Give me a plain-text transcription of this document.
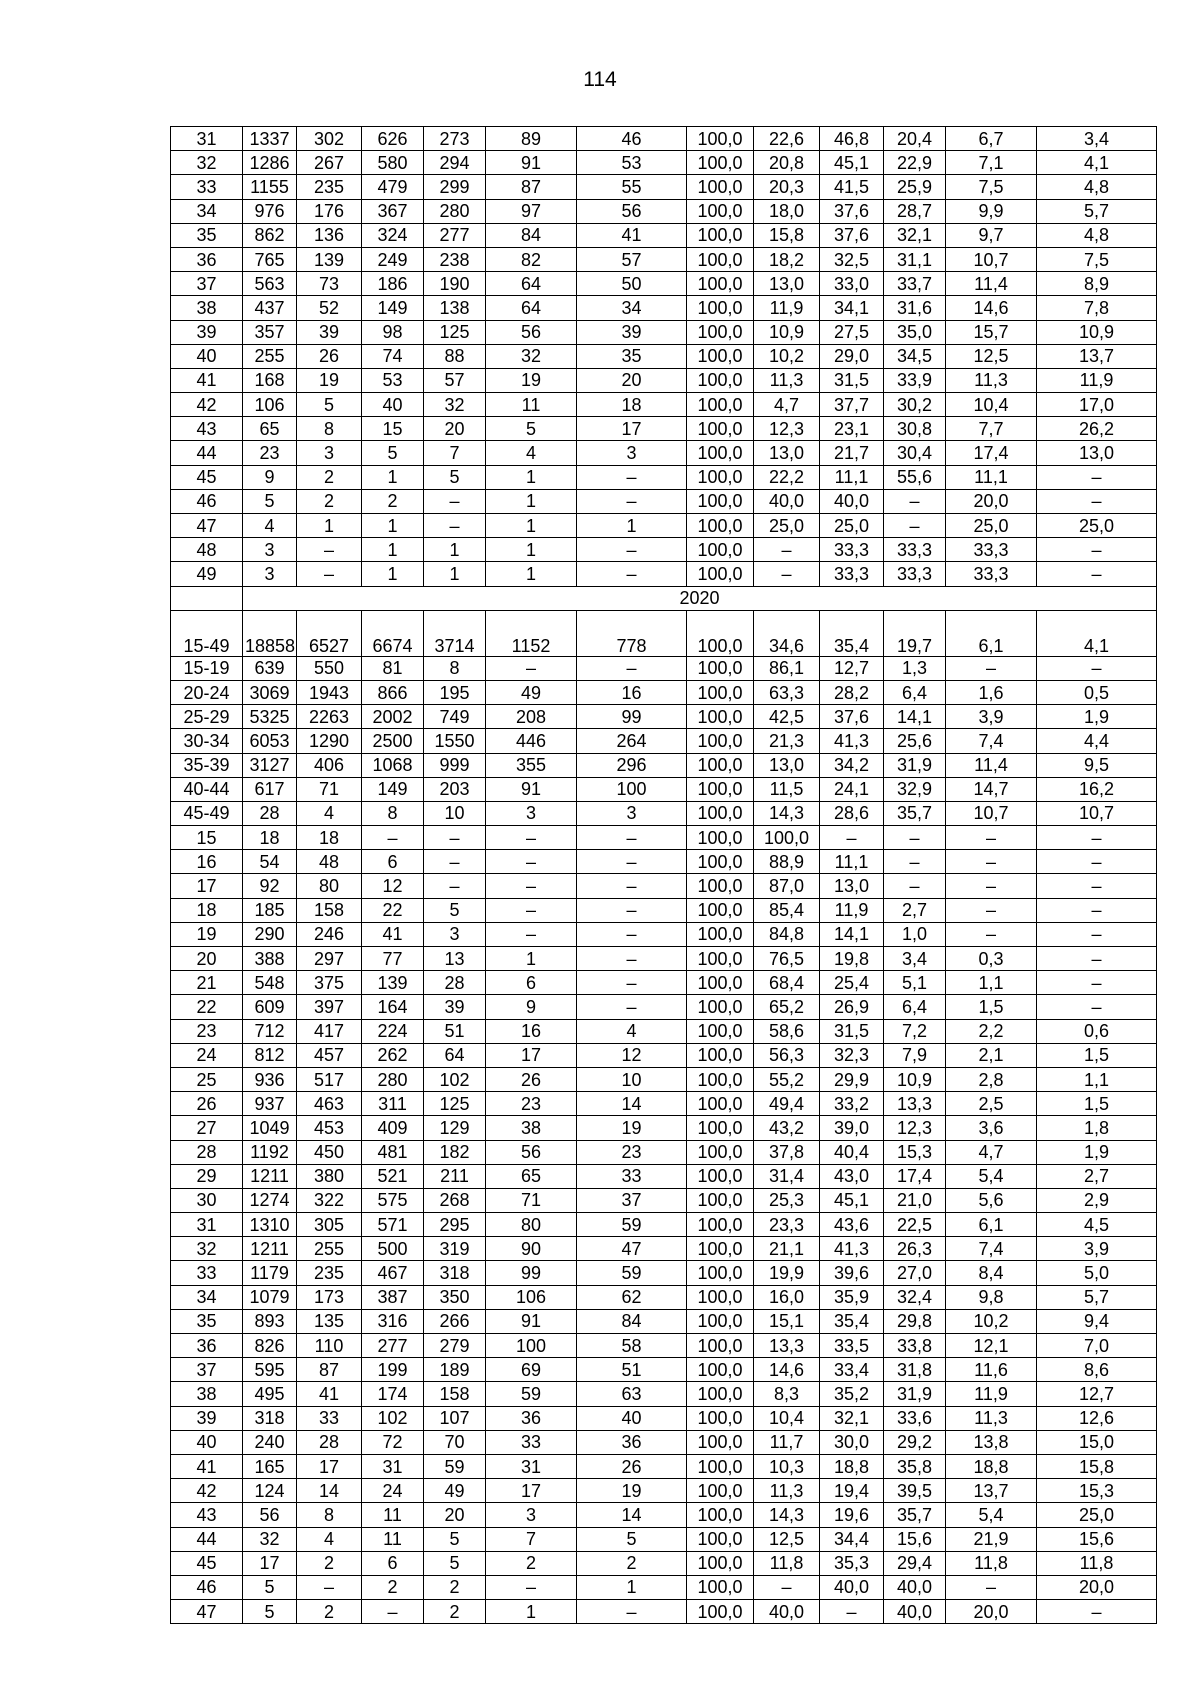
114
31	1337	302	626	273	89	46	100,0	22,6	46,8	20,4	6,7	3,4
32	1286	267	580	294	91	53	100,0	20,8	45,1	22,9	7,1	4,1
33	1155	235	479	299	87	55	100,0	20,3	41,5	25,9	7,5	4,8
34	976	176	367	280	97	56	100,0	18,0	37,6	28,7	9,9	5,7
35	862	136	324	277	84	41	100,0	15,8	37,6	32,1	9,7	4,8
36	765	139	249	238	82	57	100,0	18,2	32,5	31,1	10,7	7,5
37	563	73	186	190	64	50	100,0	13,0	33,0	33,7	11,4	8,9
38	437	52	149	138	64	34	100,0	11,9	34,1	31,6	14,6	7,8
39	357	39	98	125	56	39	100,0	10,9	27,5	35,0	15,7	10,9
40	255	26	74	88	32	35	100,0	10,2	29,0	34,5	12,5	13,7
41	168	19	53	57	19	20	100,0	11,3	31,5	33,9	11,3	11,9
42	106	5	40	32	11	18	100,0	4,7	37,7	30,2	10,4	17,0
43	65	8	15	20	5	17	100,0	12,3	23,1	30,8	7,7	26,2
44	23	3	5	7	4	3	100,0	13,0	21,7	30,4	17,4	13,0
45	9	2	1	5	1	–	100,0	22,2	11,1	55,6	11,1	–
46	5	2	2	–	1	–	100,0	40,0	40,0	–	20,0	–
47	4	1	1	–	1	1	100,0	25,0	25,0	–	25,0	25,0
48	3	–	1	1	1	–	100,0	–	33,3	33,3	33,3	–
49	3	–	1	1	1	–	100,0	–	33,3	33,3	33,3	–
	2020											
15-49	18858	6527	6674	3714	1152	778	100,0	34,6	35,4	19,7	6,1	4,1
15-19	639	550	81	8	–	–	100,0	86,1	12,7	1,3	–	–
20-24	3069	1943	866	195	49	16	100,0	63,3	28,2	6,4	1,6	0,5
25-29	5325	2263	2002	749	208	99	100,0	42,5	37,6	14,1	3,9	1,9
30-34	6053	1290	2500	1550	446	264	100,0	21,3	41,3	25,6	7,4	4,4
35-39	3127	406	1068	999	355	296	100,0	13,0	34,2	31,9	11,4	9,5
40-44	617	71	149	203	91	100	100,0	11,5	24,1	32,9	14,7	16,2
45-49	28	4	8	10	3	3	100,0	14,3	28,6	35,7	10,7	10,7
15	18	18	–	–	–	–	100,0	100,0	–	–	–	–
16	54	48	6	–	–	–	100,0	88,9	11,1	–	–	–
17	92	80	12	–	–	–	100,0	87,0	13,0	–	–	–
18	185	158	22	5	–	–	100,0	85,4	11,9	2,7	–	–
19	290	246	41	3	–	–	100,0	84,8	14,1	1,0	–	–
20	388	297	77	13	1	–	100,0	76,5	19,8	3,4	0,3	–
21	548	375	139	28	6	–	100,0	68,4	25,4	5,1	1,1	–
22	609	397	164	39	9	–	100,0	65,2	26,9	6,4	1,5	–
23	712	417	224	51	16	4	100,0	58,6	31,5	7,2	2,2	0,6
24	812	457	262	64	17	12	100,0	56,3	32,3	7,9	2,1	1,5
25	936	517	280	102	26	10	100,0	55,2	29,9	10,9	2,8	1,1
26	937	463	311	125	23	14	100,0	49,4	33,2	13,3	2,5	1,5
27	1049	453	409	129	38	19	100,0	43,2	39,0	12,3	3,6	1,8
28	1192	450	481	182	56	23	100,0	37,8	40,4	15,3	4,7	1,9
29	1211	380	521	211	65	33	100,0	31,4	43,0	17,4	5,4	2,7
30	1274	322	575	268	71	37	100,0	25,3	45,1	21,0	5,6	2,9
31	1310	305	571	295	80	59	100,0	23,3	43,6	22,5	6,1	4,5
32	1211	255	500	319	90	47	100,0	21,1	41,3	26,3	7,4	3,9
33	1179	235	467	318	99	59	100,0	19,9	39,6	27,0	8,4	5,0
34	1079	173	387	350	106	62	100,0	16,0	35,9	32,4	9,8	5,7
35	893	135	316	266	91	84	100,0	15,1	35,4	29,8	10,2	9,4
36	826	110	277	279	100	58	100,0	13,3	33,5	33,8	12,1	7,0
37	595	87	199	189	69	51	100,0	14,6	33,4	31,8	11,6	8,6
38	495	41	174	158	59	63	100,0	8,3	35,2	31,9	11,9	12,7
39	318	33	102	107	36	40	100,0	10,4	32,1	33,6	11,3	12,6
40	240	28	72	70	33	36	100,0	11,7	30,0	29,2	13,8	15,0
41	165	17	31	59	31	26	100,0	10,3	18,8	35,8	18,8	15,8
42	124	14	24	49	17	19	100,0	11,3	19,4	39,5	13,7	15,3
43	56	8	11	20	3	14	100,0	14,3	19,6	35,7	5,4	25,0
44	32	4	11	5	7	5	100,0	12,5	34,4	15,6	21,9	15,6
45	17	2	6	5	2	2	100,0	11,8	35,3	29,4	11,8	11,8
46	5	–	2	2	–	1	100,0	–	40,0	40,0	–	20,0
47	5	2	–	2	1	–	100,0	40,0	–	40,0	20,0	–
